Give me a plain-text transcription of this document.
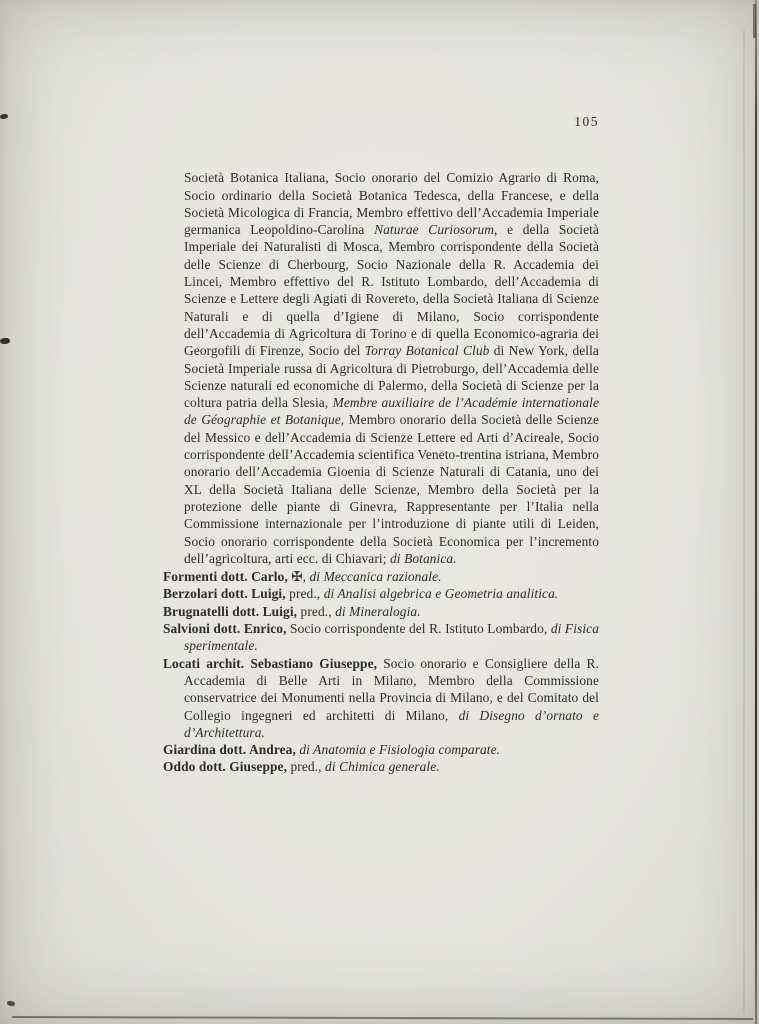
105

Società Botanica Italiana, Socio onorario del Comizio Agrario di Roma, Socio ordinario della Società Botanica Tedesca, della Francese, e della Società Micologica di Francia, Membro effettivo dell’Accademia Imperiale germanica Leopoldino-Carolina Naturae Curiosorum, e della Società Imperiale dei Naturalisti di Mosca, Membro corrispondente della Società delle Scienze di Cherbourg, Socio Nazionale della R. Accademia dei Lincei, Membro effettivo del R. Istituto Lombardo, dell’Accademia di Scienze e Lettere degli Agiati di Rovereto, della Società Italiana di Scienze Naturali e di quella d’Igiene di Milano, Socio corrispondente dell’Accademia di Agricoltura di Torino e di quella Economico-agraria dei Georgofili di Firenze, Socio del Torray Botanical Club di New York, della Società Imperiale russa di Agricoltura di Pietroburgo, dell’Accademia delle Scienze naturali ed economiche di Palermo, della Società di Scienze per la coltura patria della Slesia, Membre auxiliaire de l’Académie internationale de Géographie et Botanique, Membro onorario della Società delle Scienze del Messico e dell’Accademia di Scienze Lettere ed Arti d’Acireale, Socio corrispondente dell’Accademia scientifica Veneto-trentina istriana, Membro onorario dell’Accademia Gioenia di Scienze Naturali di Catania, uno dei XL della Società Italiana delle Scienze, Membro della Società per la protezione delle piante di Ginevra, Rappresentante per l’Italia nella Commissione internazionale per l’introduzione di piante utili di Leiden, Socio onorario corrispondente della Società Economica per l’incremento dell’agricoltura, arti ecc. di Chiavari; di Botanica.

Formenti dott. Carlo, ✠, di Meccanica razionale.

Berzolari dott. Luigi, pred., di Analisi algebrica e Geometria analitica.

Brugnatelli dott. Luigi, pred., di Mineralogia.

Salvioni dott. Enrico, Socio corrispondente del R. Istituto Lombardo, di Fisica sperimentale.

Locati archit. Sebastiano Giuseppe, Socio onorario e Consigliere della R. Accademia di Belle Arti in Milano, Membro della Commissione conservatrice dei Monumenti nella Provincia di Milano, e del Comitato del Collegio ingegneri ed architetti di Milano, di Disegno d’ornato e d’Architettura.

Giardina dott. Andrea, di Anatomia e Fisiologia comparate.

Oddo dott. Giuseppe, pred., di Chimica generale.
